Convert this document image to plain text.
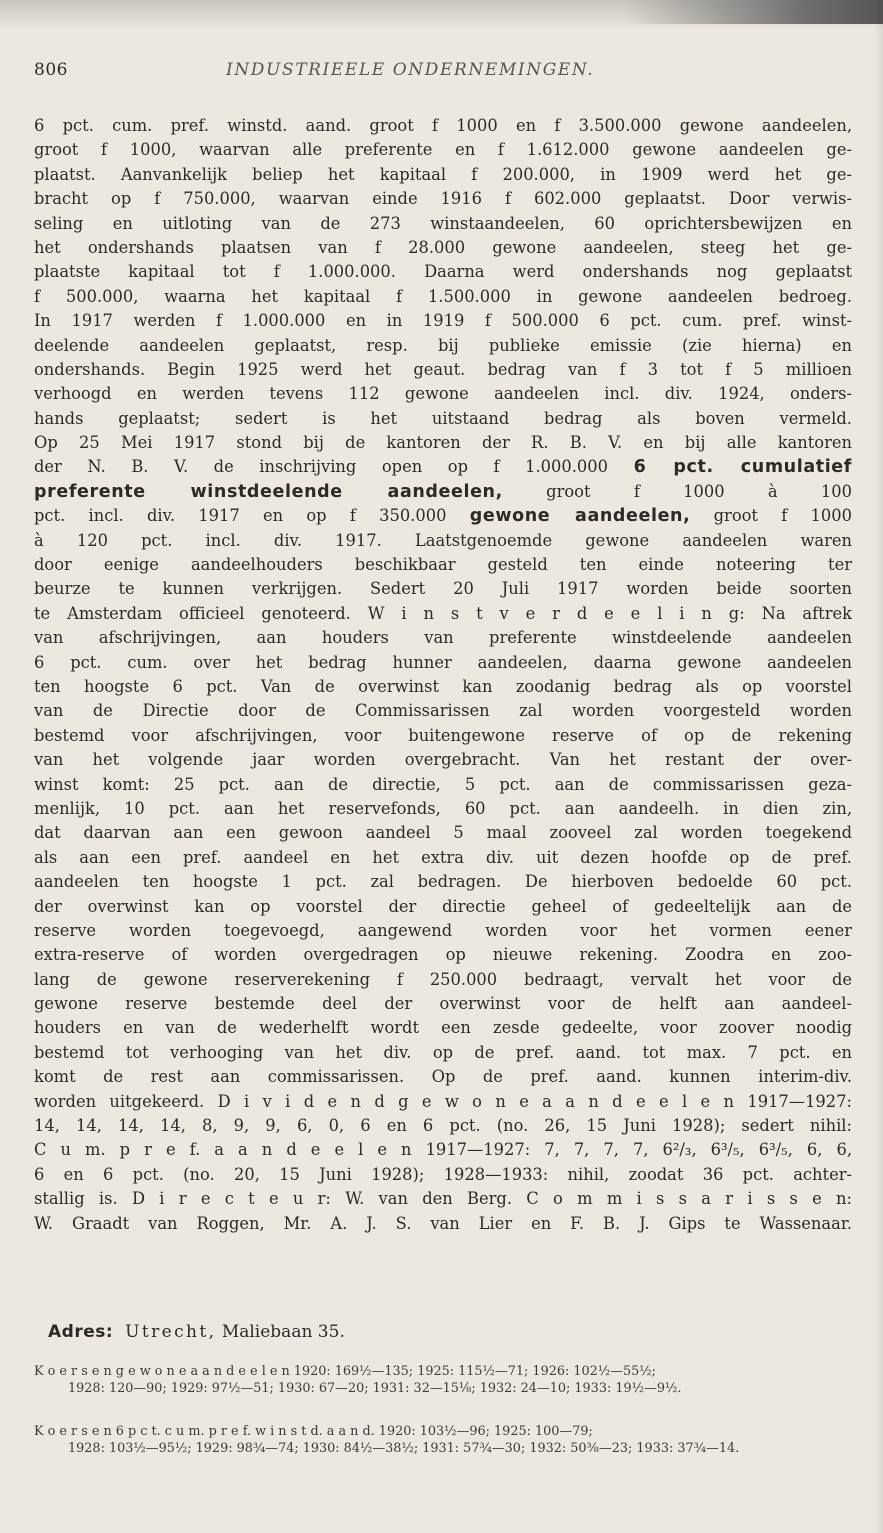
806	INDUSTRIEELE ONDERNEMINGEN.
6 pct. cum. pref. winstd. aand. groot f 1000 en f 3.500.000 gewone aandeelen,
groot f 1000, waarvan alle preferente en f 1.612.000 gewone aandeelen ge-
plaatst. Aanvankelijk beliep het kapitaal f 200.000, in 1909 werd het ge-
bracht op f 750.000, waarvan einde 1916 f 602.000 geplaatst. Door verwis-
seling en uitloting van de 273 winstaandeelen, 60 oprichtersbewijzen en
het ondershands plaatsen van f 28.000 gewone aandeelen, steeg het ge-
plaatste kapitaal tot f 1.000.000. Daarna werd ondershands nog geplaatst
f 500.000, waarna het kapitaal f 1.500.000 in gewone aandeelen bedroeg.
In 1917 werden f 1.000.000 en in 1919 f 500.000 6 pct. cum. pref. winst-
deelende aandeelen geplaatst, resp. bij publieke emissie (zie hierna) en
ondershands. Begin 1925 werd het geaut. bedrag van f 3 tot f 5 millioen
verhoogd en werden tevens 112 gewone aandeelen incl. div. 1924, onders-
hands geplaatst; sedert is het uitstaand bedrag als boven vermeld.
Op 25 Mei 1917 stond bij de kantoren der R. B. V. en bij alle kantoren
der N. B. V. de inschrijving open op f 1.000.000 6 pct. cumulatief
preferente winstdeelende aandeelen,	groot f 1000 à 100
pct. incl. div. 1917 en op f 350.000 gewone aandeelen, groot f 1000
à 120 pct. incl. div. 1917. Laatstgenoemde gewone aandeelen waren
door eenige aandeelhouders beschikbaar gesteld ten einde noteering ter
beurze te kunnen verkrijgen. Sedert 20 Juli 1917 worden beide soorten
te Amsterdam officieel genoteerd. W i n s t v e r d e e l i n g: Na aftrek
van afschrijvingen, aan houders van preferente winstdeelende aandeelen
6 pct. cum. over het bedrag hunner aandeelen, daarna gewone aandeelen
ten hoogste 6 pct. Van de overwinst kan zoodanig bedrag als op voorstel
van de Directie door de Commissarissen zal worden voorgesteld worden
bestemd voor afschrijvingen, voor buitengewone reserve of op de rekening
van het volgende jaar worden overgebracht. Van het restant der over-
winst komt: 25 pct. aan de directie, 5 pct. aan de commissarissen geza-
menlijk, 10 pct. aan het reservefonds, 60 pct. aan aandeelh. in dien zin,
dat daarvan aan een gewoon aandeel 5 maal zooveel zal worden toegekend
als aan een pref. aandeel en het extra div. uit dezen hoofde op de pref.
aandeelen ten hoogste 1 pct. zal bedragen. De hierboven bedoelde 60 pct.
der overwinst kan op voorstel der directie geheel of gedeeltelijk aan de
reserve worden toegevoegd, aangewend worden voor het vormen eener
extra-reserve of worden overgedragen op nieuwe rekening. Zoodra en zoo-
lang de gewone reserverekening f 250.000 bedraagt, vervalt het voor de
gewone reserve bestemde deel der overwinst voor de helft aan aandeel-
houders en van de wederhelft wordt een zesde gedeelte, voor zoover noodig
bestemd tot verhooging van het div. op de pref. aand. tot max. 7 pct. en
komt de rest aan commissarissen. Op de pref. aand. kunnen interim-div.
worden uitgekeerd. D i v i d e n d g e w o n e a a n d e e l e n 1917—1927:
14, 14, 14, 14, 8, 9, 9, 6, 0, 6 en 6 pct. (no. 26, 15 Juni 1928); sedert nihil:
C u m. p r e f. a a n d e e l e n 1917—1927: 7, 7, 7, 7, 6²/₃, 6³/₅, 6³/₅, 6, 6,
6 en 6 pct. (no. 20, 15 Juni 1928); 1928—1933: nihil, zoodat 36 pct. achter-
stallig is. D i r e c t e u r: W. van den Berg. C o m m i s s a r i s s e n:
W. Graadt van Roggen, Mr. A. J. S. van Lier en F. B. J. Gips te Wassenaar.
Adres: Utrecht, Maliebaan 35.
K o e r s e n g e w o n e a a n d e e l e n 1920: 169½—135; 1925: 115½—71; 1926: 102½—55½;
1928: 120—90; 1929: 97½—51; 1930: 67—20; 1931: 32—15⅛; 1932: 24—10; 1933: 19½—9½.
K o e r s e n 6 p c t. c u m. p r e f. w i n s t d. a a n d. 1920: 103½—96; 1925: 100—79;
1928: 103½—95½; 1929: 98¾—74; 1930: 84½—38½; 1931: 57¾—30; 1932: 50⅜—23; 1933: 37¾—14.
